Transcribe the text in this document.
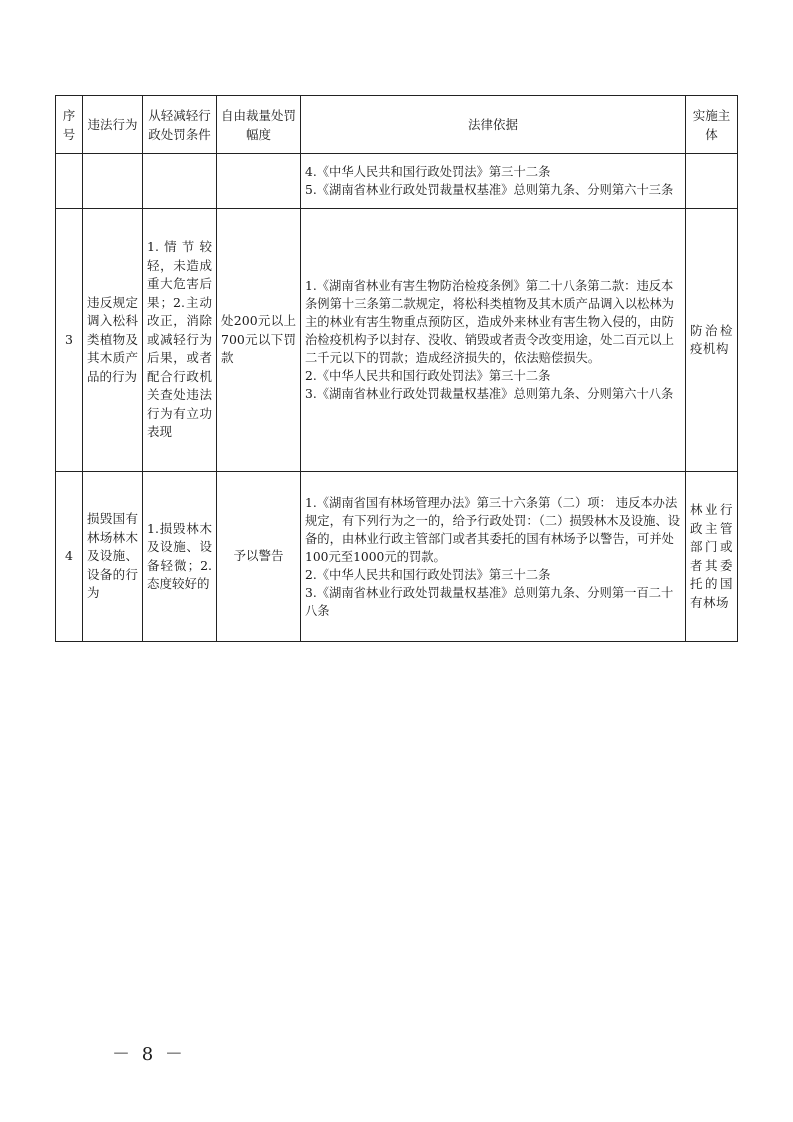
序号	违法行为	从轻减轻行政处罚条件	自由裁量处罚幅度	法律依据	实施主体

				4.《中华人民共和国行政处罚法》第三十二条
5.《湖南省林业行政处罚裁量权基准》总则第九条、分则第六十三条	

3	违反规定调入松科类植物及其木质产品的行为	1.情节较轻，未造成重大危害后果；2.主动改正，消除或减轻行为后果，或者配合行政机关查处违法行为有立功表现	处200元以上700元以下罚款	1.《湖南省林业有害生物防治检疫条例》第二十八条第二款：违反本条例第十三条第二款规定，将松科类植物及其木质产品调入以松林为主的林业有害生物重点预防区，造成外来林业有害生物入侵的，由防治检疫机构予以封存、没收、销毁或者责令改变用途，处二百元以上二千元以下的罚款；造成经济损失的，依法赔偿损失。
2.《中华人民共和国行政处罚法》第三十二条
3.《湖南省林业行政处罚裁量权基准》总则第九条、分则第六十八条	防治检疫机构
4	损毁国有林场林木及设施、设备的行为	1.损毁林木及设施、设备轻微；2.态度较好的	予以警告	1.《湖南省国有林场管理办法》第三十六条第（二）项： 违反本办法规定，有下列行为之一的，给予行政处罚：（二）损毁林木及设施、设备的，由林业行政主管部门或者其委托的国有林场予以警告，可并处100元至1000元的罚款。
2.《中华人民共和国行政处罚法》第三十二条
3.《湖南省林业行政处罚裁量权基准》总则第九条、分则第一百二十八条	林业行政主管部门或者其委托的国有林场
－ 8 －
